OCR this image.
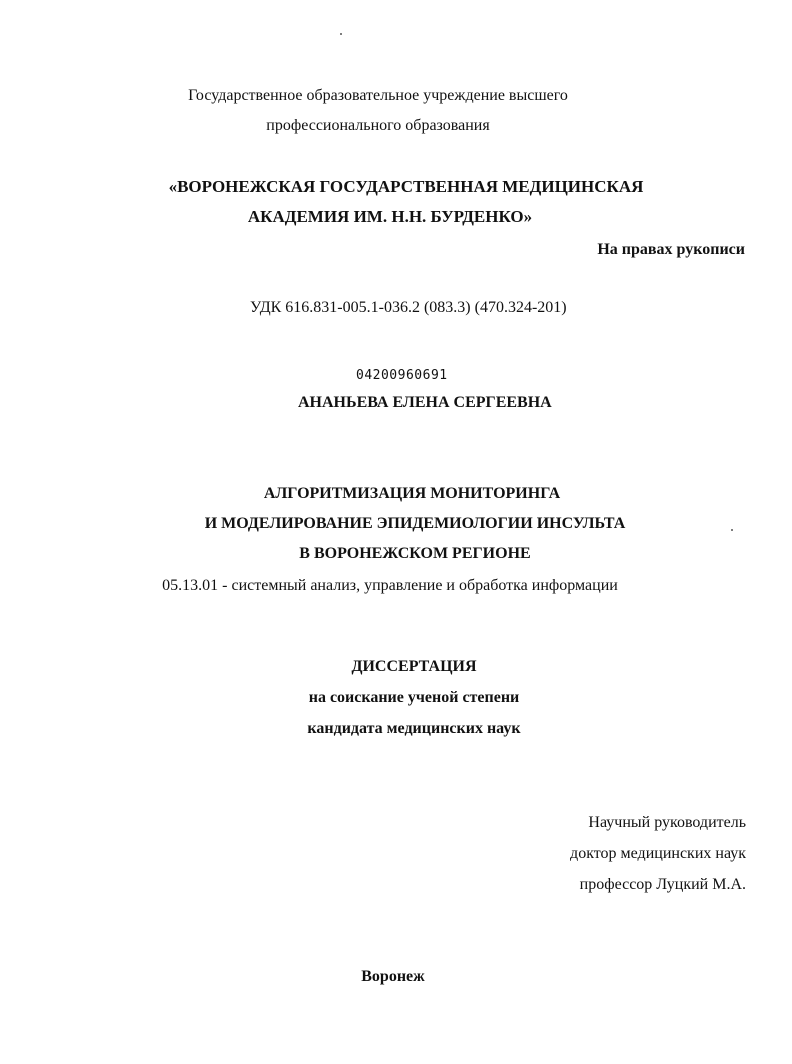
Государственное образовательное учреждение высшего
профессионального образования
«ВОРОНЕЖСКАЯ ГОСУДАРСТВЕННАЯ МЕДИЦИНСКАЯ
АКАДЕМИЯ ИМ. Н.Н. БУРДЕНКО»
На правах рукописи
УДК 616.831-005.1-036.2 (083.3) (470.324-201)
04200960691
АНАНЬЕВА ЕЛЕНА СЕРГЕЕВНА
АЛГОРИТМИЗАЦИЯ МОНИТОРИНГА
И МОДЕЛИРОВАНИЕ ЭПИДЕМИОЛОГИИ ИНСУЛЬТА
В ВОРОНЕЖСКОМ РЕГИОНЕ
05.13.01 - системный анализ, управление и обработка информации
ДИССЕРТАЦИЯ
на соискание ученой степени
кандидата медицинских наук
Научный руководитель
доктор медицинских наук
профессор Луцкий М.А.
Воронеж
